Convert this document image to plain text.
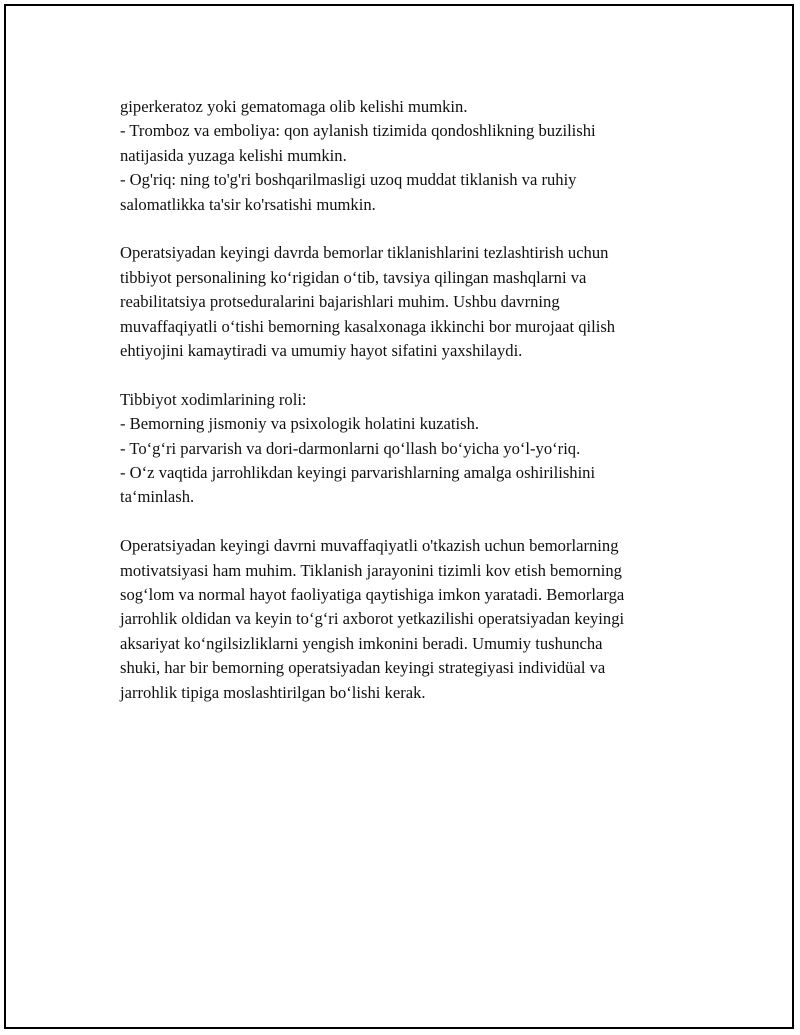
giperkeratoz yoki gematomaga olib kelishi mumkin.
- Tromboz va emboliya: qon aylanish tizimida qondoshlikning buzilishi
natijasida yuzaga kelishi mumkin.
- Og'riq: ning to'g'ri boshqarilmasligi uzoq muddat tiklanish va ruhiy
salomatlikka ta'sir ko'rsatishi mumkin.

Operatsiyadan keyingi davrda bemorlar tiklanishlarini tezlashtirish uchun
tibbiyot personalining ko‘rigidan o‘tib, tavsiya qilingan mashqlarni va
reabilitatsiya protseduralarini bajarishlari muhim. Ushbu davrning
muvaffaqiyatli o‘tishi bemorning kasalxonaga ikkinchi bor murojaat qilish
ehtiyojini kamaytiradi va umumiy hayot sifatini yaxshilaydi.

Tibbiyot xodimlarining roli:
- Bemorning jismoniy va psixologik holatini kuzatish.
- To‘g‘ri parvarish va dori-darmonlarni qo‘llash bo‘yicha yo‘l-yo‘riq.
- O‘z vaqtida jarrohlikdan keyingi parvarishlarning amalga oshirilishini
ta‘minlash.

Operatsiyadan keyingi davrni muvaffaqiyatli o'tkazish uchun bemorlarning
motivatsiyasi ham muhim. Tiklanish jarayonini tizimli kov etish bemorning
sog‘lom va normal hayot faoliyatiga qaytishiga imkon yaratadi. Bemorlarga
jarrohlik oldidan va keyin to‘g‘ri axborot yetkazilishi operatsiyadan keyingi
aksariyat ko‘ngilsizliklarni yengish imkonini beradi. Umumiy tushuncha
shuki, har bir bemorning operatsiyadan keyingi strategiyasi individüal va
jarrohlik tipiga moslashtirilgan bo‘lishi kerak.
